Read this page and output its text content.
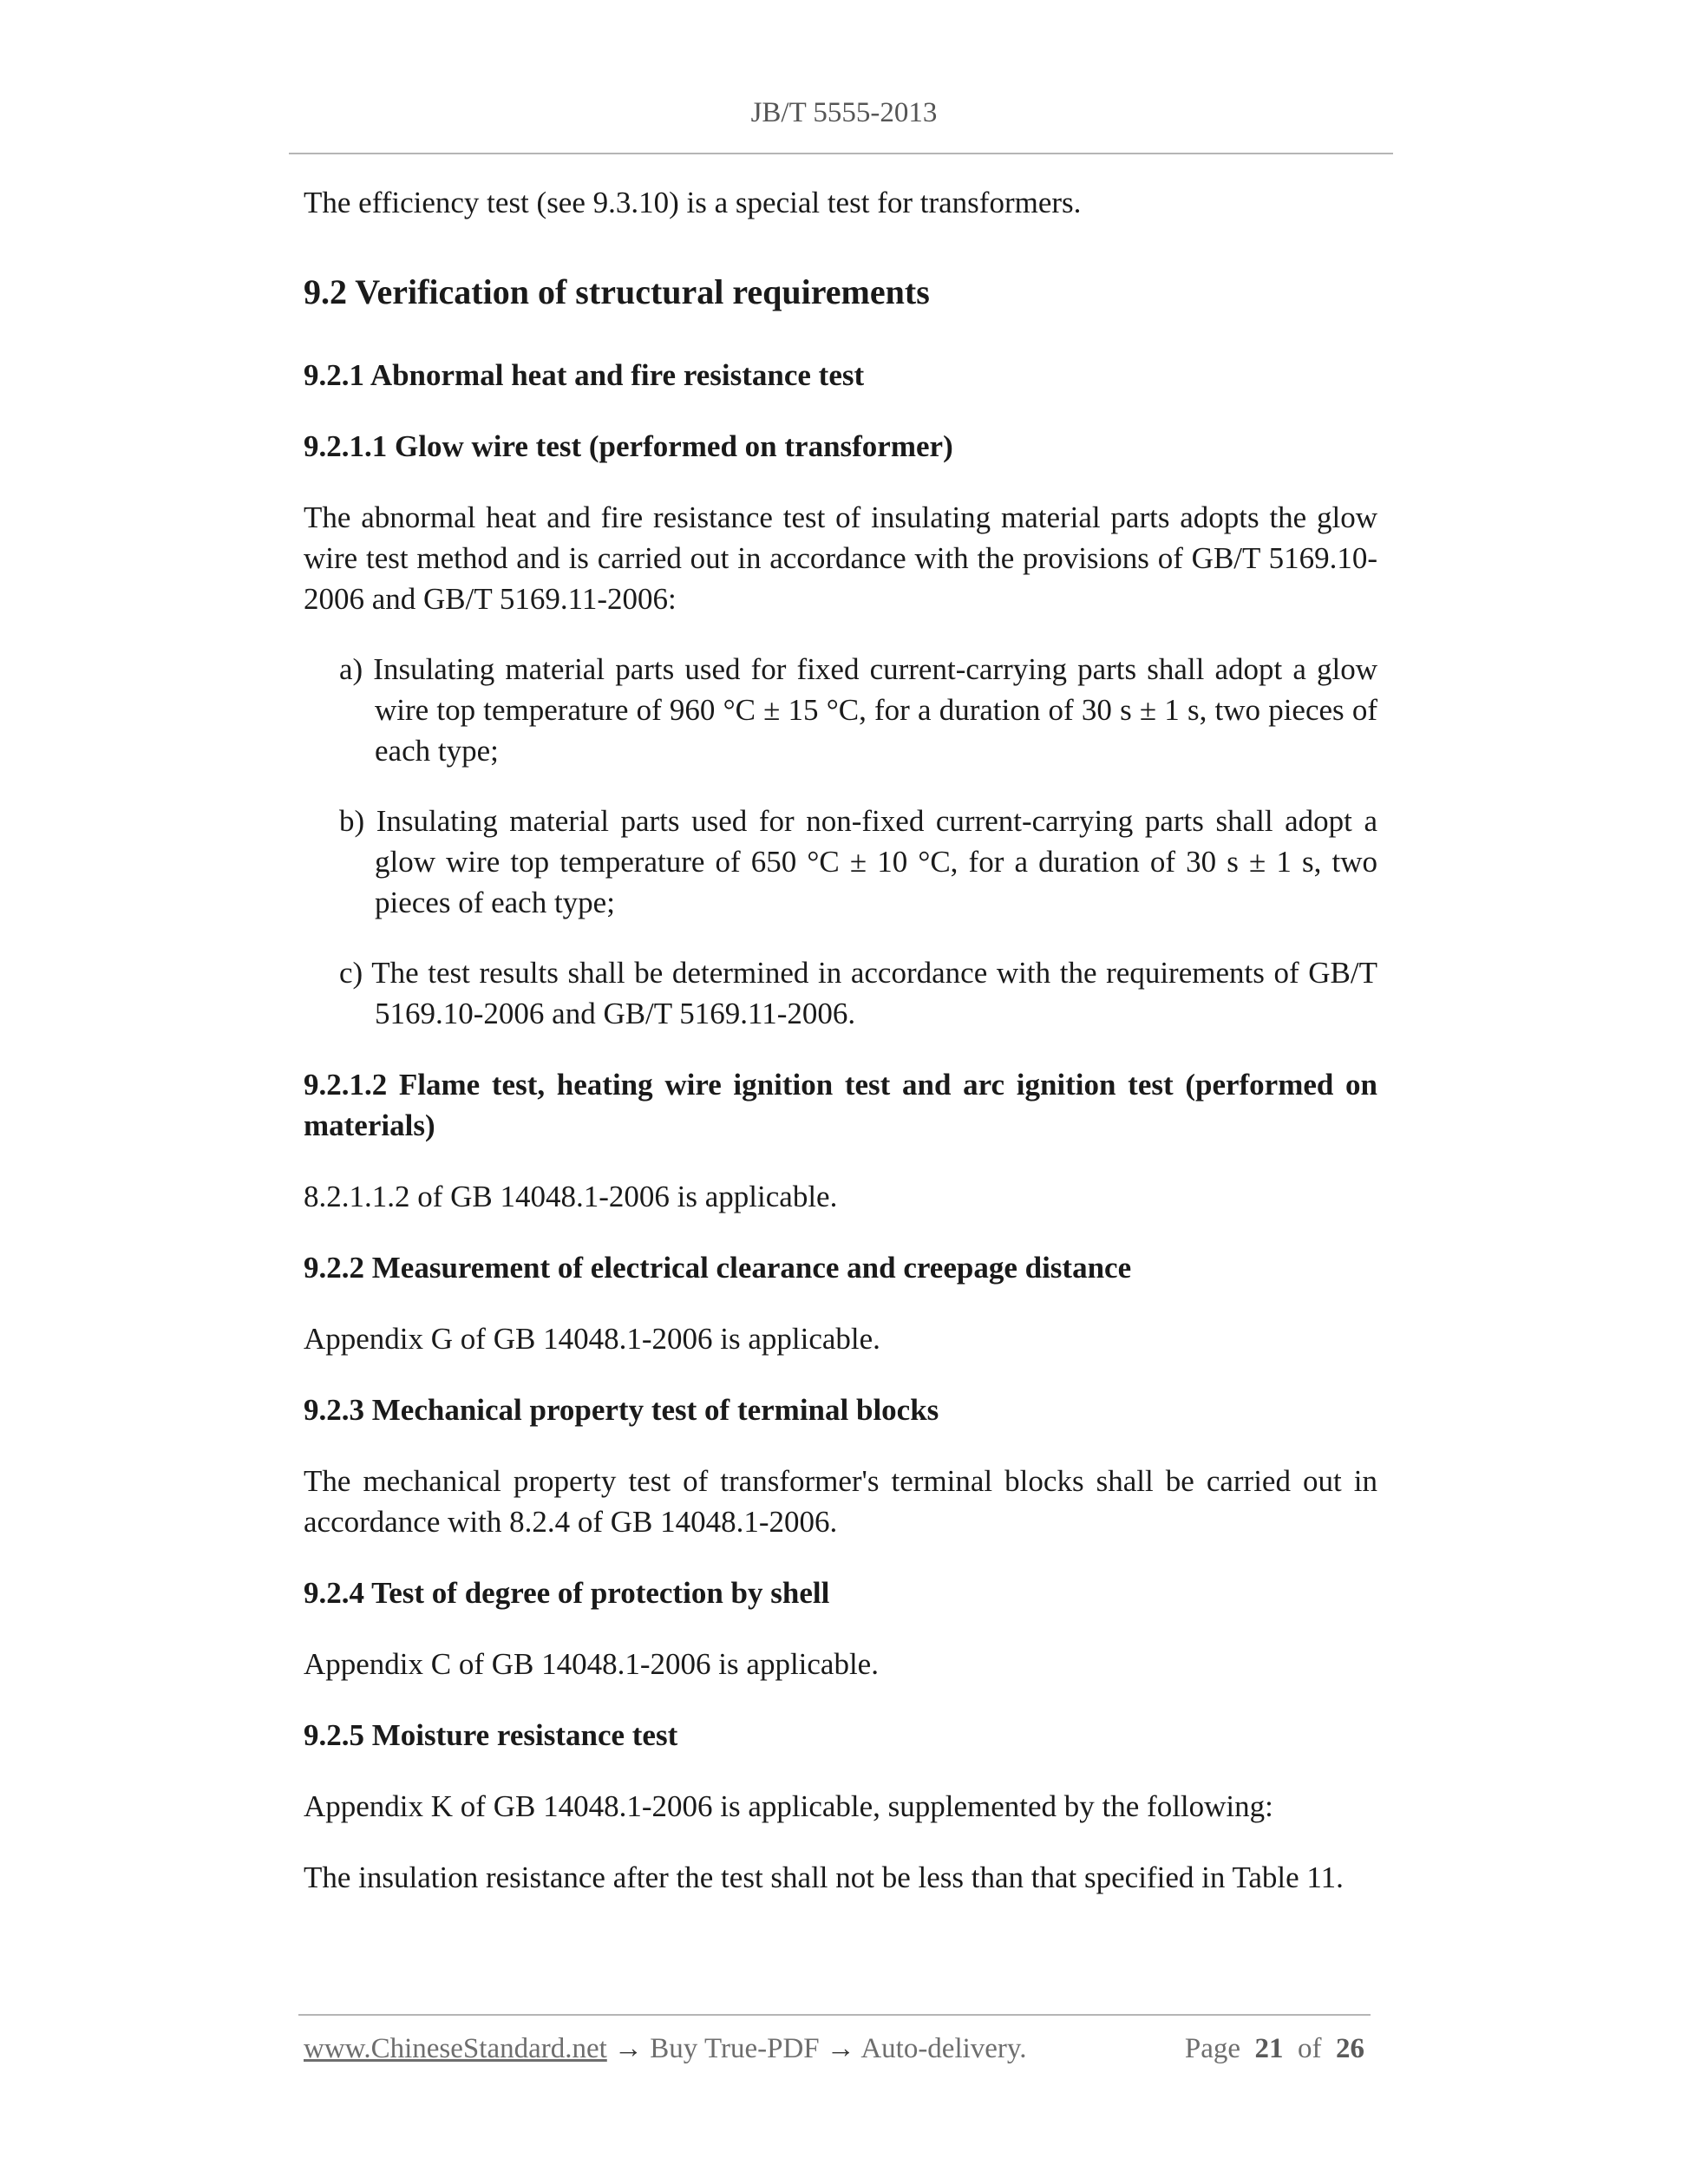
JB/T 5555-2013

The efficiency test (see 9.3.10) is a special test for transformers.

9.2 Verification of structural requirements

9.2.1 Abnormal heat and fire resistance test

9.2.1.1 Glow wire test (performed on transformer)

The abnormal heat and fire resistance test of insulating material parts adopts the glow wire test method and is carried out in accordance with the provisions of GB/T 5169.10-2006 and GB/T 5169.11-2006:

a) Insulating material parts used for fixed current-carrying parts shall adopt a glow wire top temperature of 960 °C ± 15 °C, for a duration of 30 s ± 1 s, two pieces of each type;

b) Insulating material parts used for non-fixed current-carrying parts shall adopt a glow wire top temperature of 650 °C ± 10 °C, for a duration of 30 s ± 1 s, two pieces of each type;

c) The test results shall be determined in accordance with the requirements of GB/T 5169.10-2006 and GB/T 5169.11-2006.

9.2.1.2 Flame test, heating wire ignition test and arc ignition test (performed on materials)

8.2.1.1.2 of GB 14048.1-2006 is applicable.

9.2.2 Measurement of electrical clearance and creepage distance

Appendix G of GB 14048.1-2006 is applicable.

9.2.3 Mechanical property test of terminal blocks

The mechanical property test of transformer's terminal blocks shall be carried out in accordance with 8.2.4 of GB 14048.1-2006.

9.2.4 Test of degree of protection by shell

Appendix C of GB 14048.1-2006 is applicable.

9.2.5 Moisture resistance test

Appendix K of GB 14048.1-2006 is applicable, supplemented by the following:

The insulation resistance after the test shall not be less than that specified in Table 11.

www.ChineseStandard.net → Buy True-PDF → Auto-delivery.	Page 21 of 26
